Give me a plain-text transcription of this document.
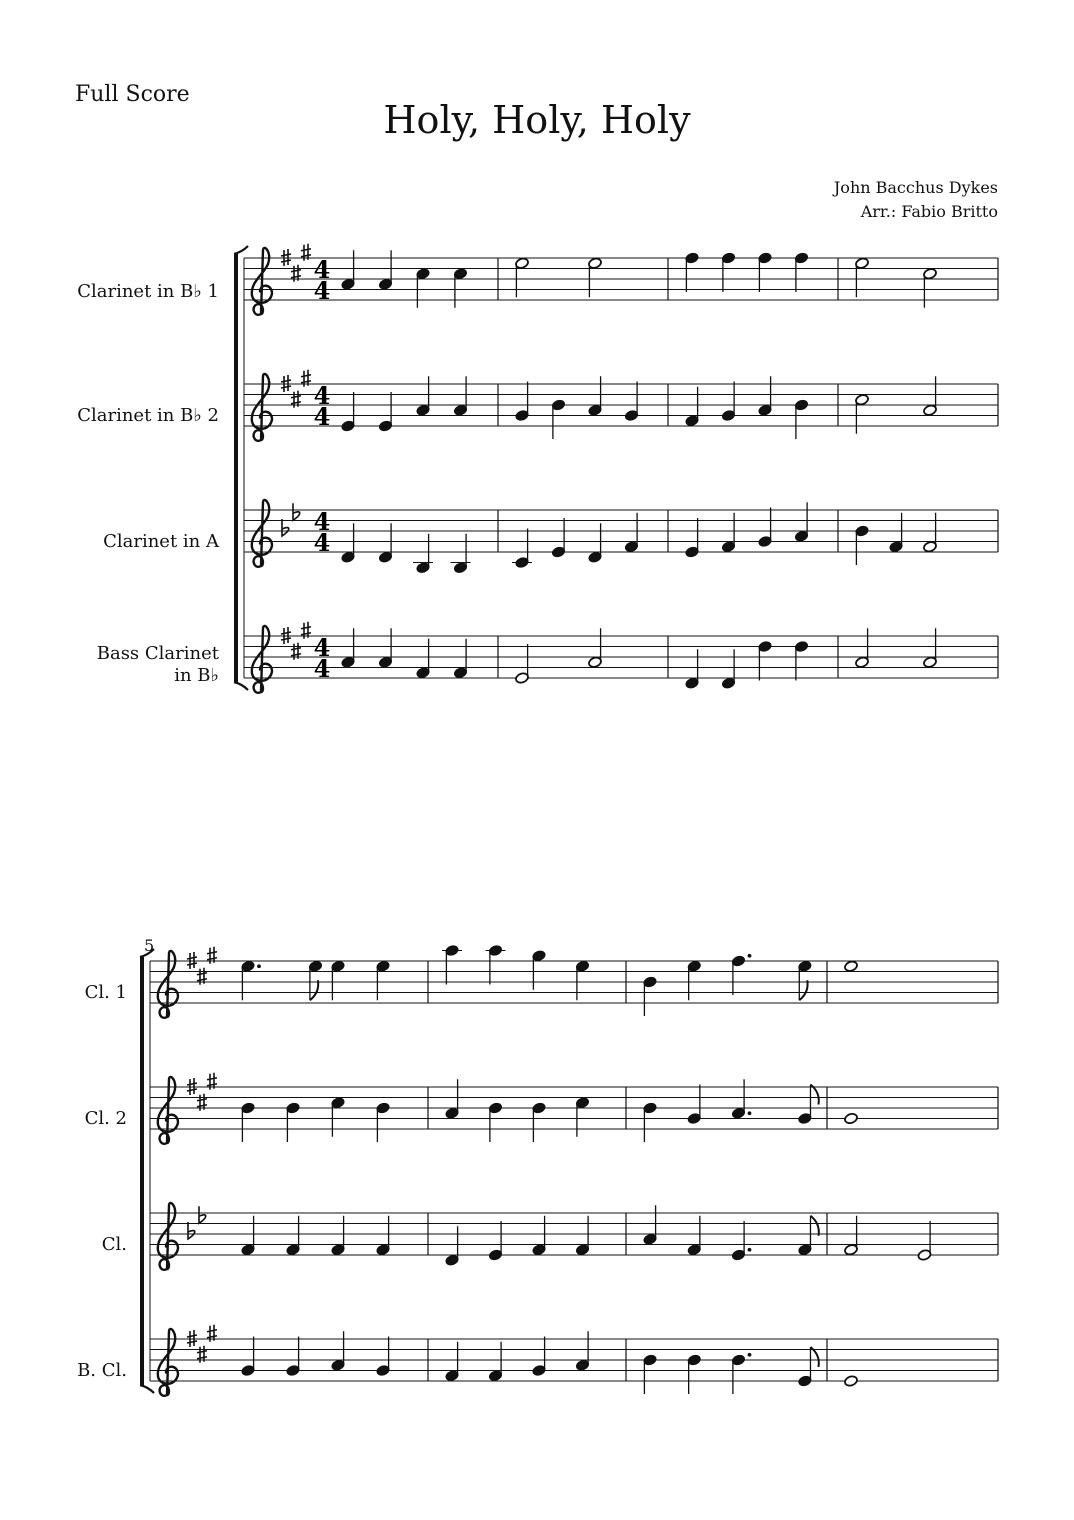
Full Score
Holy, Holy, Holy
John Bacchus Dykes
Arr.: Fabio Britto
Clarinet in B♭ 1
Clarinet in B♭ 2
Clarinet in A
Bass Clarinet
in B♭
Cl. 1
Cl. 2
Cl.
B. Cl.
5
4
4
4
4
4
4
4
4
